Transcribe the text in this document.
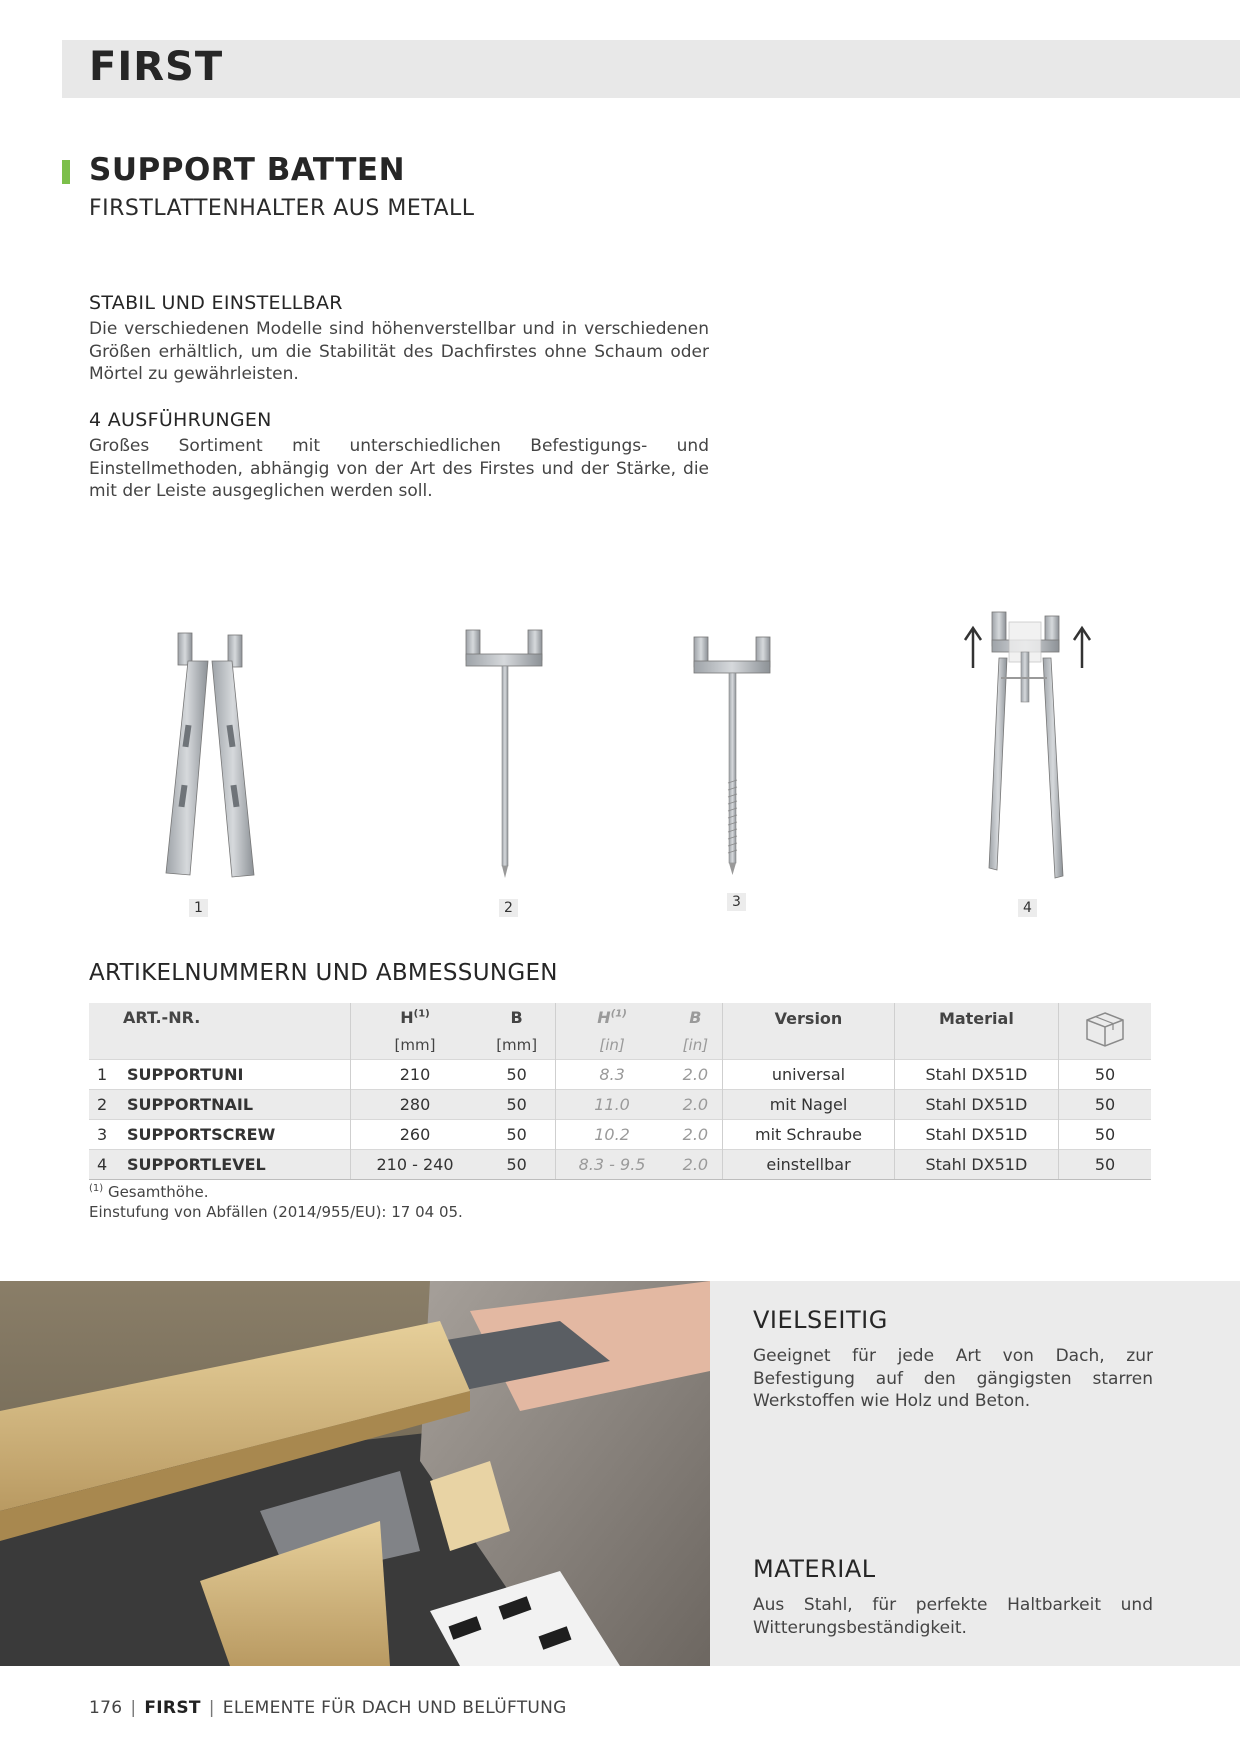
FIRST
SUPPORT BATTEN
FIRSTLATTENHALTER AUS METALL
STABIL UND EINSTELLBAR
Die verschiedenen Modelle sind höhenverstellbar und in verschiedenen Größen erhältlich, um die Stabilität des Dachfirstes ohne Schaum oder Mörtel zu gewährleisten.
4 AUSFÜHRUNGEN
Großes Sortiment mit unterschiedlichen Befestigungs- und Einstellmethoden, abhängig von der Art des Firstes und der Stärke, die mit der Leiste ausgeglichen werden soll.
1	2	3	4
ARTIKELNUMMERN UND ABMESSUNGEN
ART.-NR.		$H^{(1)}$	B	$H^{(1)}$	B	Version	Material	
		[mm]	[mm]	[in]	[in]			
1	SUPPORTUNI	210	50	8.3	2.0	universal	Stahl DX51D	50
2	SUPPORTNAIL	280	50	11.0	2.0	mit Nagel	Stahl DX51D	50
3	SUPPORTSCREW	260	50	10.2	2.0	mit Schraube	Stahl DX51D	50
4	SUPPORTLEVEL	210 - 240	50	8.3 - 9.5	2.0	einstellbar	Stahl DX51D	50
$^{(1)}$ Gesamthöhe.
Einstufung von Abfällen (2014/955/EU): 17 04 05.
VIELSEITIG
Geeignet für jede Art von Dach, zur Befestigung auf den gängigsten starren Werkstoffen wie Holz und Beton.
MATERIAL
Aus Stahl, für perfekte Haltbarkeit und Witterungsbeständigkeit.
176 | FIRST | ELEMENTE FÜR DACH UND BELÜFTUNG
